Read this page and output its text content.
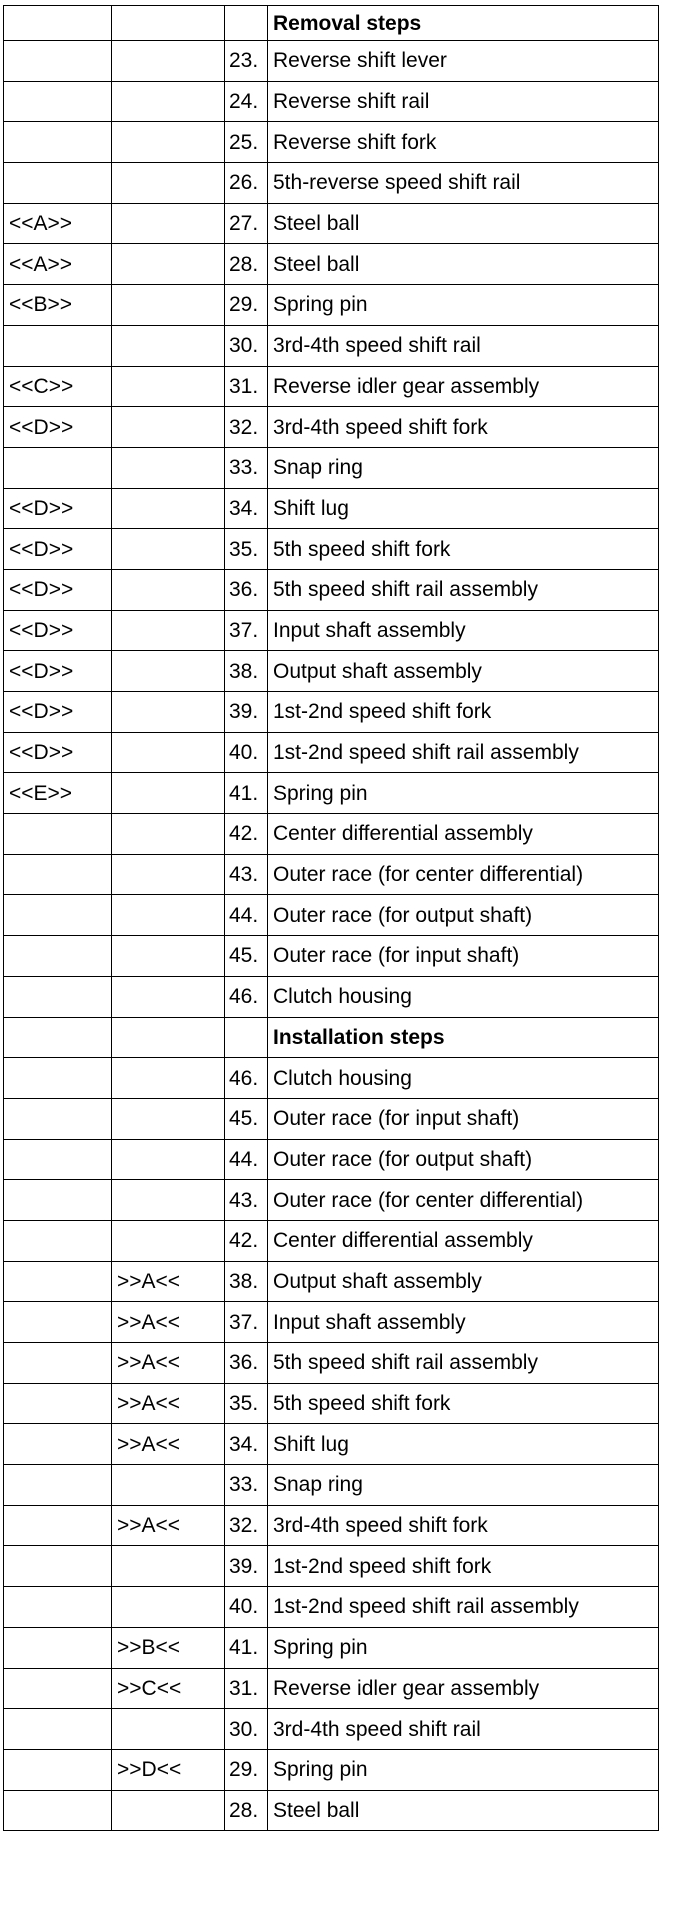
			Removal steps
		23.	Reverse shift lever
		24.	Reverse shift rail
		25.	Reverse shift fork
		26.	5th-reverse speed shift rail
<<A>>		27.	Steel ball
<<A>>		28.	Steel ball
<<B>>		29.	Spring pin
		30.	3rd-4th speed shift rail
<<C>>		31.	Reverse idler gear assembly
<<D>>		32.	3rd-4th speed shift fork
		33.	Snap ring
<<D>>		34.	Shift lug
<<D>>		35.	5th speed shift fork
<<D>>		36.	5th speed shift rail assembly
<<D>>		37.	Input shaft assembly
<<D>>		38.	Output shaft assembly
<<D>>		39.	1st-2nd speed shift fork
<<D>>		40.	1st-2nd speed shift rail assembly
<<E>>		41.	Spring pin
		42.	Center differential assembly
		43.	Outer race (for center differential)
		44.	Outer race (for output shaft)
		45.	Outer race (for input shaft)
		46.	Clutch housing
			Installation steps
		46.	Clutch housing
		45.	Outer race (for input shaft)
		44.	Outer race (for output shaft)
		43.	Outer race (for center differential)
		42.	Center differential assembly
	>>A<<	38.	Output shaft assembly
	>>A<<	37.	Input shaft assembly
	>>A<<	36.	5th speed shift rail assembly
	>>A<<	35.	5th speed shift fork
	>>A<<	34.	Shift lug
		33.	Snap ring
	>>A<<	32.	3rd-4th speed shift fork
		39.	1st-2nd speed shift fork
		40.	1st-2nd speed shift rail assembly
	>>B<<	41.	Spring pin
	>>C<<	31.	Reverse idler gear assembly
		30.	3rd-4th speed shift rail
	>>D<<	29.	Spring pin
		28.	Steel ball
